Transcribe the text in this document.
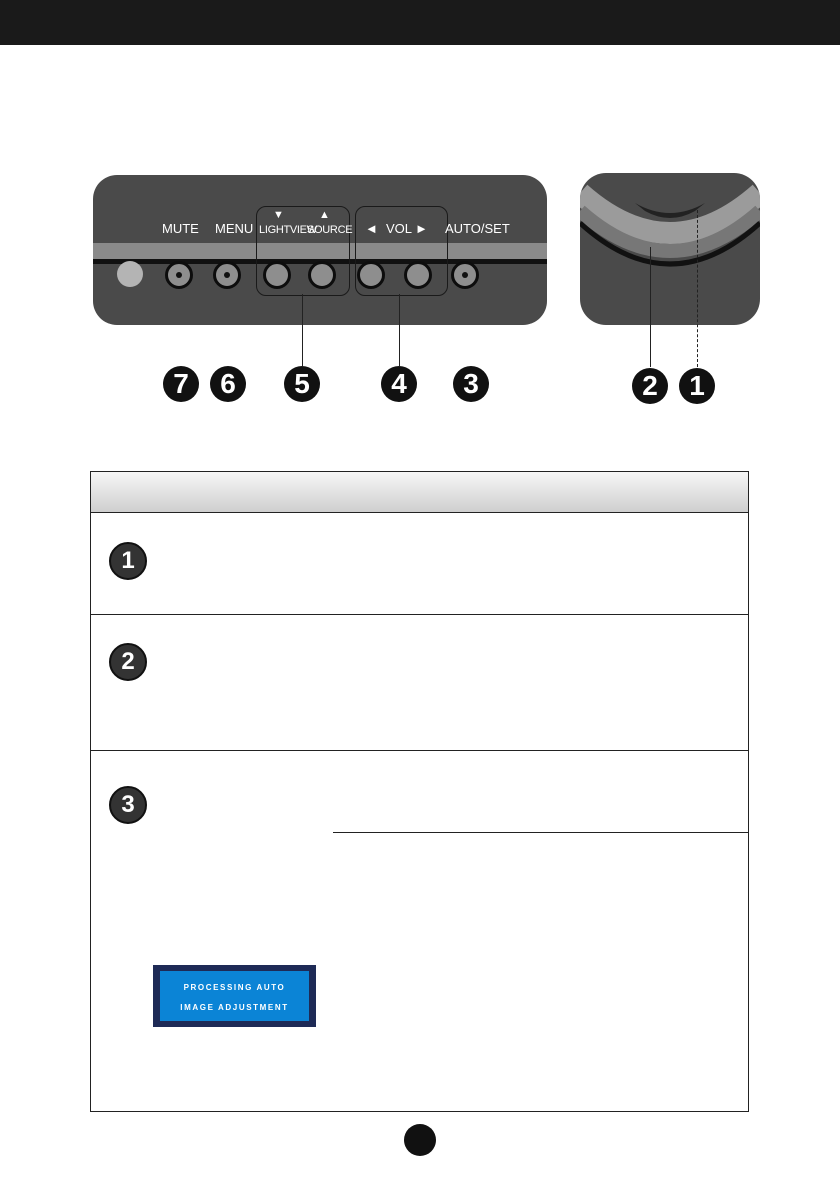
MUTE MENU
▼	▲
LIGHTVIEW
SOURCE ◄ VOL ► AUTO/SET
7	6	5	4	3	2	1
1
2
3
PROCESSING AUTO
IMAGE ADJUSTMENT
